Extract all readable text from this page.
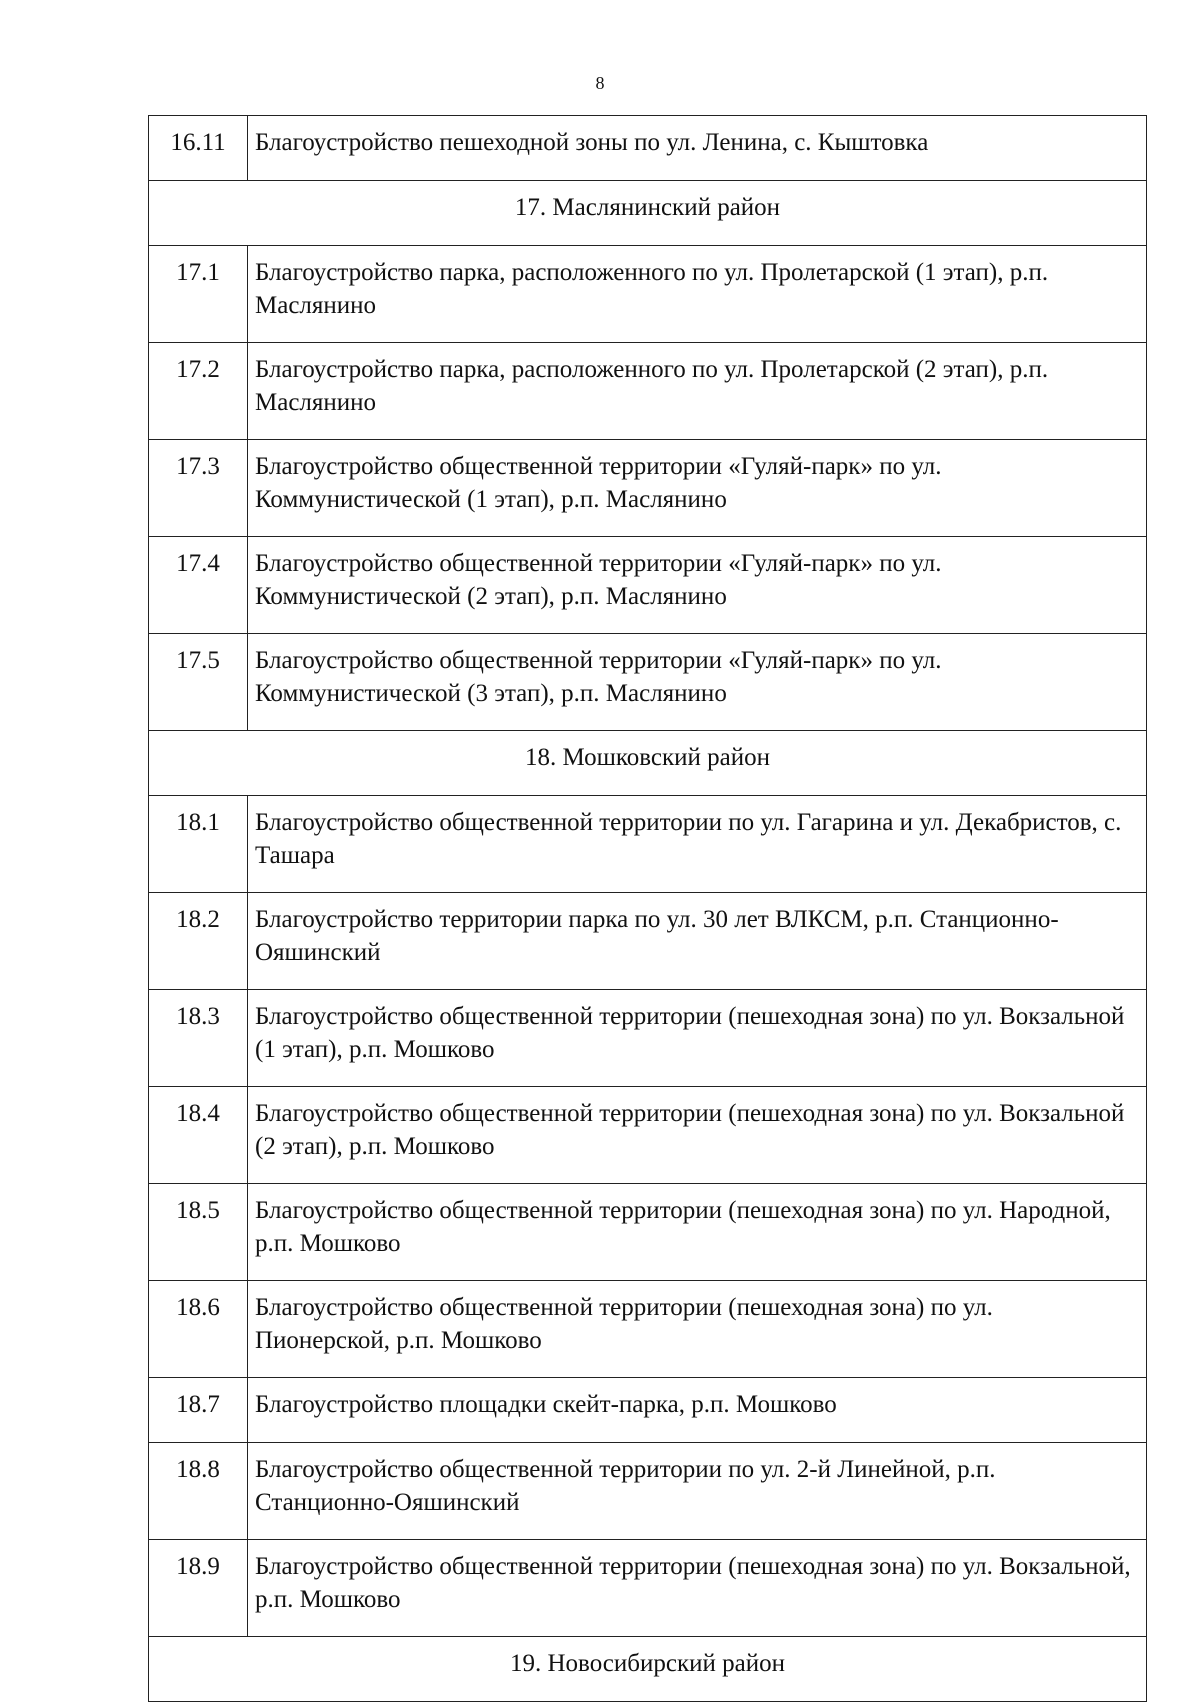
8
16.11	Благоустройство пешеходной зоны по ул. Ленина, с. Кыштовка
17. Маслянинский район	
17.1	Благоустройство парка, расположенного по ул. Пролетарской (1 этап), р.п. Маслянино
17.2	Благоустройство парка, расположенного по ул. Пролетарской (2 этап), р.п. Маслянино
17.3	Благоустройство общественной территории «Гуляй-парк» по ул. Коммунистической (1 этап), р.п. Маслянино
17.4	Благоустройство общественной территории «Гуляй-парк» по ул. Коммунистической (2 этап), р.п. Маслянино
17.5	Благоустройство общественной территории «Гуляй-парк» по ул. Коммунистической (3 этап), р.п. Маслянино
18. Мошковский район	
18.1	Благоустройство общественной территории по ул. Гагарина и ул. Декабристов, с. Ташара
18.2	Благоустройство территории парка по ул. 30 лет ВЛКСМ, р.п. Станционно-Ояшинский
18.3	Благоустройство общественной территории (пешеходная зона) по ул. Вокзальной (1 этап), р.п. Мошково
18.4	Благоустройство общественной территории (пешеходная зона) по ул. Вокзальной (2 этап), р.п. Мошково
18.5	Благоустройство общественной территории (пешеходная зона) по ул. Народной, р.п. Мошково
18.6	Благоустройство общественной территории (пешеходная зона) по ул. Пионерской, р.п. Мошково
18.7	Благоустройство площадки скейт-парка, р.п. Мошково
18.8	Благоустройство общественной территории по ул. 2-й Линейной, р.п. Станционно-Ояшинский
18.9	Благоустройство общественной территории (пешеходная зона) по ул. Вокзальной, р.п. Мошково
19. Новосибирский район	
